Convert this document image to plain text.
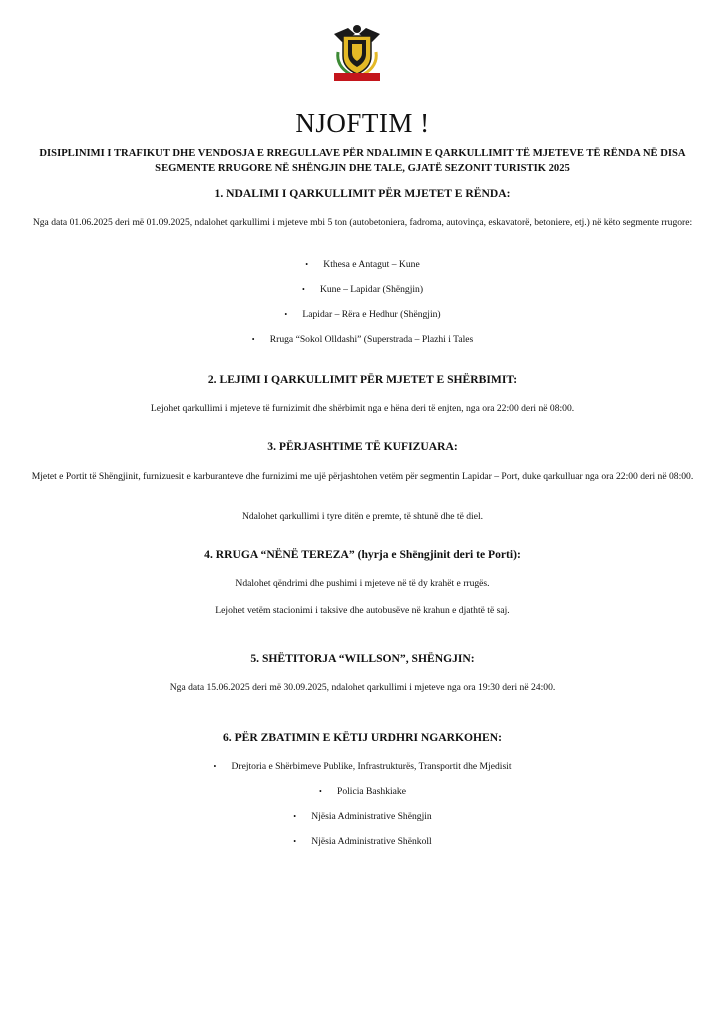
LISSUS
NJOFTIM !
DISIPLINIMI I TRAFIKUT DHE VENDOSJA E RREGULLAVE PËR NDALIMIN E QARKULLIMIT TË MJETEVE TË RËNDA NË DISA SEGMENTE RRUGORE NË SHËNGJIN DHE TALE, GJATË SEZONIT TURISTIK 2025

1. NDALIMI I QARKULLIMIT PËR MJETET E RËNDA:

Nga data 01.06.2025 deri më 01.09.2025, ndalohet qarkullimi i mjeteve mbi 5 ton (autobetoniera, fadroma, autovinça, eskavatorë, betoniere, etj.) në këto segmente rrugore:

• Kthesa e Antagut – Kune
• Kune – Lapidar (Shëngjin)
• Lapidar – Rëra e Hedhur (Shëngjin)
• Rruga “Sokol Olldashi” (Superstrada – Plazhi i Tales

2. LEJIMI I QARKULLIMIT PËR MJETET E SHËRBIMIT:

Lejohet qarkullimi i mjeteve të furnizimit dhe shërbimit nga e hëna deri të enjten, nga ora 22:00 deri në 08:00.

3. PËRJASHTIME TË KUFIZUARA:

Mjetet e Portit të Shëngjinit, furnizuesit e karburanteve dhe furnizimi me ujë përjashtohen vetëm për segmentin Lapidar – Port, duke qarkulluar nga ora 22:00 deri në 08:00.

Ndalohet qarkullimi i tyre ditën e premte, të shtunë dhe të diel.

4. RRUGA “NËNË TEREZA” (hyrja e Shëngjinit deri te Porti):

Ndalohet qëndrimi dhe pushimi i mjeteve në të dy krahët e rrugës.

Lejohet vetëm stacionimi i taksive dhe autobusëve në krahun e djathtë të saj.

5. SHËTITORJA “WILLSON”, SHËNGJIN:

Nga data 15.06.2025 deri më 30.09.2025, ndalohet qarkullimi i mjeteve nga ora 19:30 deri në 24:00.

6. PËR ZBATIMIN E KËTIJ URDHRI NGARKOHEN:

• Drejtoria e Shërbimeve Publike, Infrastrukturës, Transportit dhe Mjedisit
• Policia Bashkiake
• Njësia Administrative Shëngjin
• Njësia Administrative Shënkoll
